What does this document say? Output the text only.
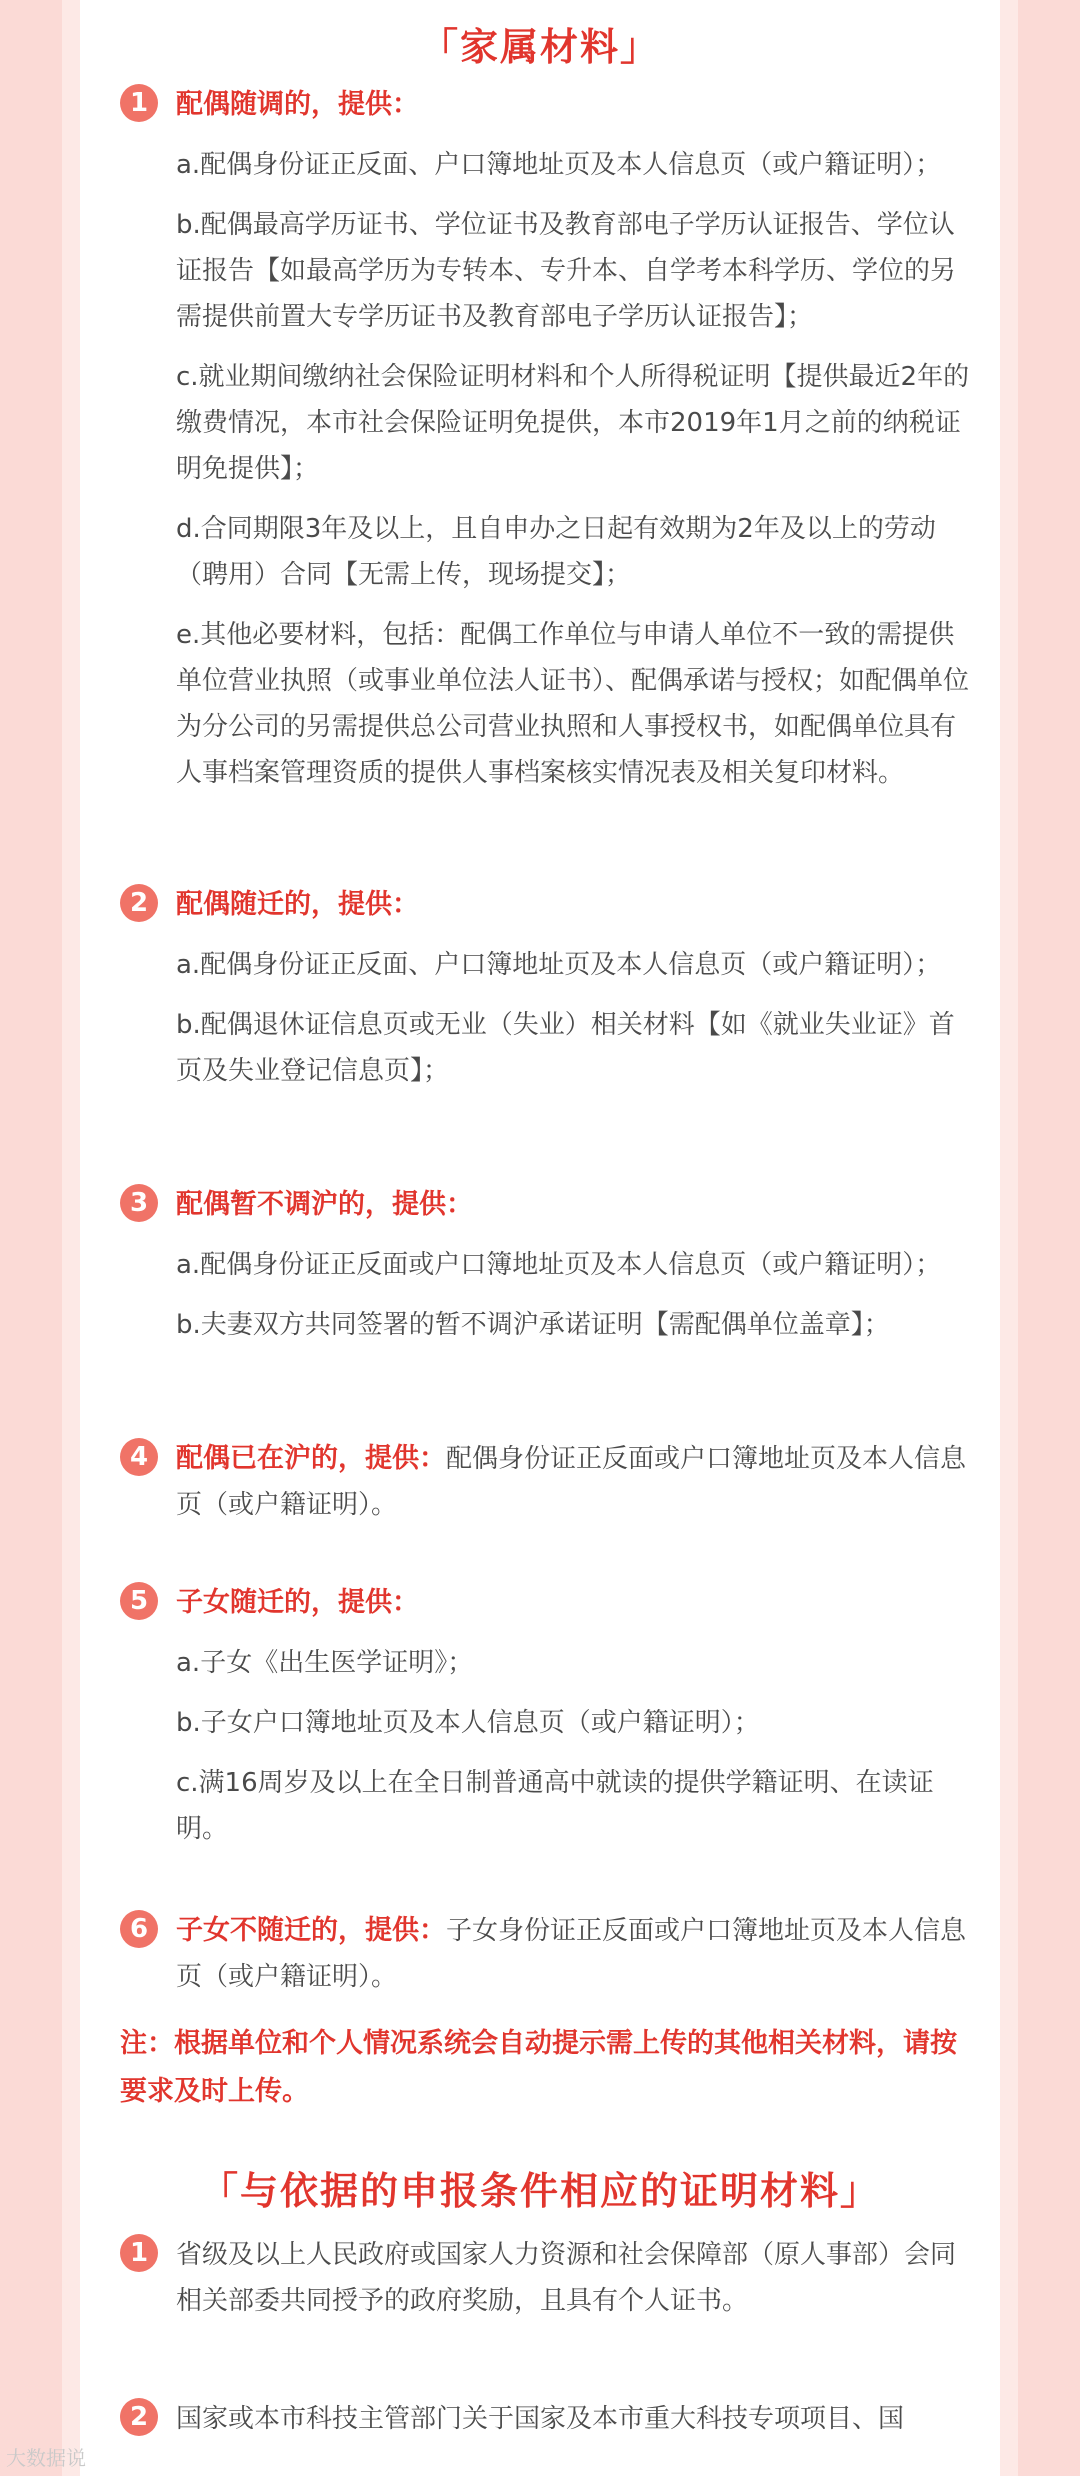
「家属材料」
1	配偶随调的，提供：
a.配偶身份证正反面、户口簿地址页及本人信息页（或户籍证明）；
b.配偶最高学历证书、学位证书及教育部电子学历认证报告、学位认证报告【如最高学历为专转本、专升本、自学考本科学历、学位的另需提供前置大专学历证书及教育部电子学历认证报告】；
c.就业期间缴纳社会保险证明材料和个人所得税证明【提供最近2年的缴费情况，本市社会保险证明免提供，本市2019年1月之前的纳税证明免提供】；
d.合同期限3年及以上，且自申办之日起有效期为2年及以上的劳动（聘用）合同【无需上传，现场提交】；
e.其他必要材料，包括：配偶工作单位与申请人单位不一致的需提供单位营业执照（或事业单位法人证书）、配偶承诺与授权；如配偶单位为分公司的另需提供总公司营业执照和人事授权书，如配偶单位具有人事档案管理资质的提供人事档案核实情况表及相关复印材料。
2	配偶随迁的，提供：
a.配偶身份证正反面、户口簿地址页及本人信息页（或户籍证明）；
b.配偶退休证信息页或无业（失业）相关材料【如《就业失业证》首页及失业登记信息页】；
3	配偶暂不调沪的，提供：
a.配偶身份证正反面或户口簿地址页及本人信息页（或户籍证明）；
b.夫妻双方共同签署的暂不调沪承诺证明【需配偶单位盖章】；
4	配偶已在沪的，提供：配偶身份证正反面或户口簿地址页及本人信息页（或户籍证明）。
5	子女随迁的，提供：
a.子女《出生医学证明》；
b.子女户口簿地址页及本人信息页（或户籍证明）；
c.满16周岁及以上在全日制普通高中就读的提供学籍证明、在读证明。
6	子女不随迁的，提供：子女身份证正反面或户口簿地址页及本人信息页（或户籍证明）。
注：根据单位和个人情况系统会自动提示需上传的其他相关材料，请按要求及时上传。
「与依据的申报条件相应的证明材料」
1	省级及以上人民政府或国家人力资源和社会保障部（原人事部）会同相关部委共同授予的政府奖励，且具有个人证书。
2	国家或本市科技主管部门关于国家及本市重大科技专项项目、国
大数据说
